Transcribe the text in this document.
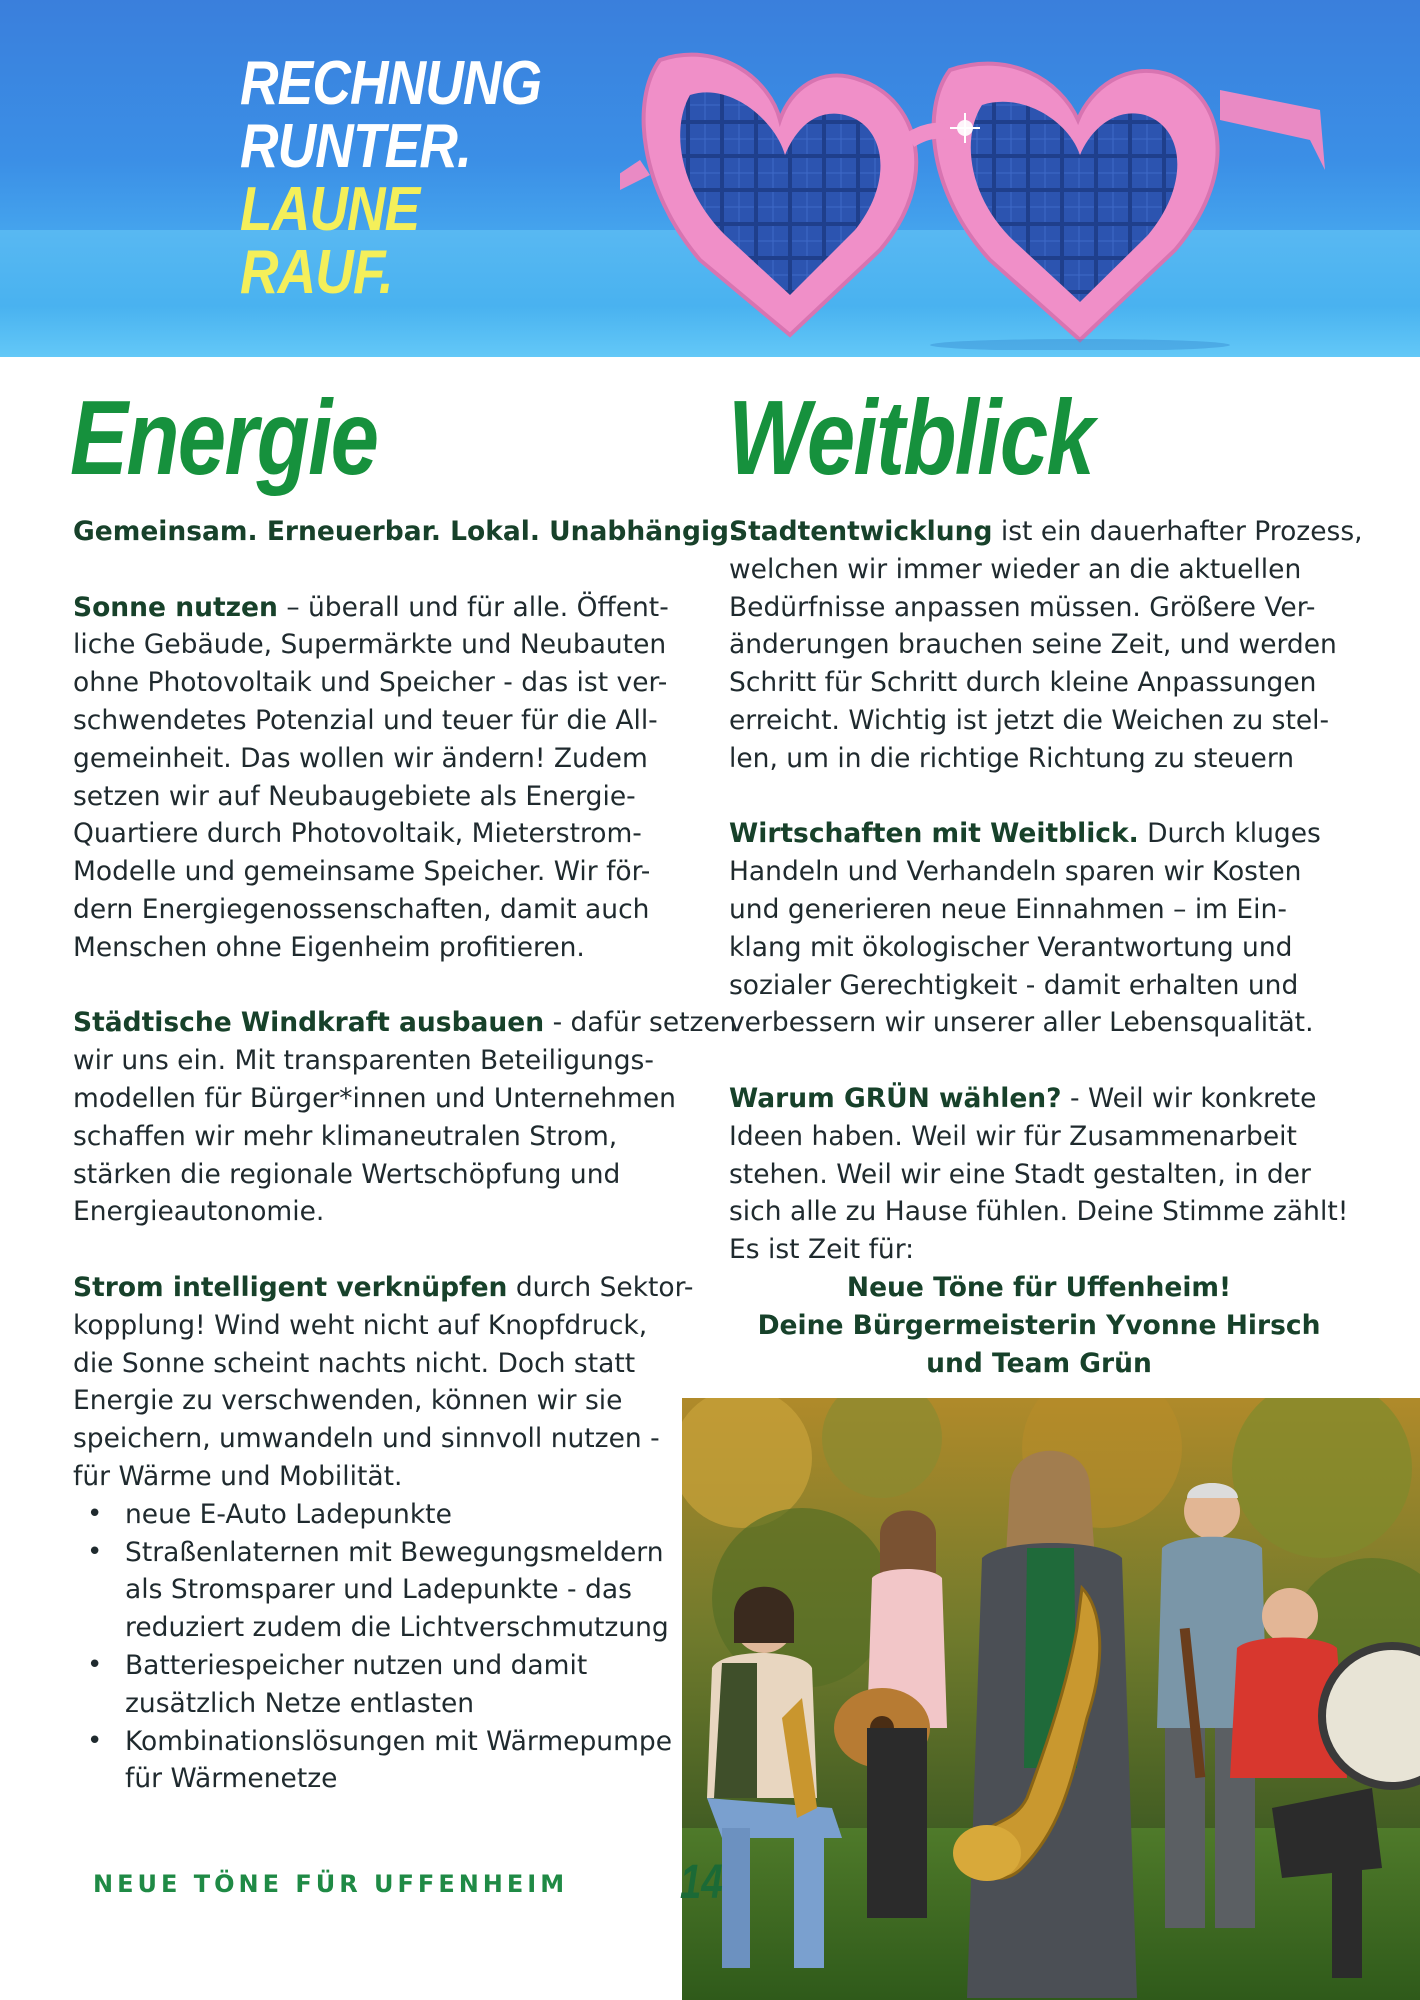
RECHNUNG
RUNTER.
LAUNE
RAUF.
Energie	Weitblick
Gemeinsam. Erneuerbar. Lokal. Unabhängig.
Sonne nutzen – überall und für alle. Öffent-
liche Gebäude, Supermärkte und Neubauten
ohne Photovoltaik und Speicher - das ist ver-
schwendetes Potenzial und teuer für die All-
gemeinheit. Das wollen wir ändern! Zudem
setzen wir auf Neubaugebiete als Energie-
Quartiere durch Photovoltaik, Mieterstrom-
Modelle und gemeinsame Speicher. Wir för-
dern Energiegenossenschaften, damit auch
Menschen ohne Eigenheim profitieren.
Städtische Windkraft ausbauen - dafür setzen
wir uns ein. Mit transparenten Beteiligungs-
modellen für Bürger*innen und Unternehmen
schaffen wir mehr klimaneutralen Strom,
stärken die regionale Wertschöpfung und
Energieautonomie.
Strom intelligent verknüpfen durch Sektor-
kopplung! Wind weht nicht auf Knopfdruck,
die Sonne scheint nachts nicht. Doch statt
Energie zu verschwenden, können wir sie
speichern, umwandeln und sinnvoll nutzen -
für Wärme und Mobilität.
• neue E-Auto Ladepunkte
• Straßenlaternen mit Bewegungsmeldern
als Stromsparer und Ladepunkte - das
reduziert zudem die Lichtverschmutzung
• Batteriespeicher nutzen und damit
zusätzlich Netze entlasten
• Kombinationslösungen mit Wärmepumpe
für Wärmenetze
Stadtentwicklung ist ein dauerhafter Prozess,
welchen wir immer wieder an die aktuellen
Bedürfnisse anpassen müssen. Größere Ver-
änderungen brauchen seine Zeit, und werden
Schritt für Schritt durch kleine Anpassungen
erreicht. Wichtig ist jetzt die Weichen zu stel-
len, um in die richtige Richtung zu steuern
Wirtschaften mit Weitblick. Durch kluges
Handeln und Verhandeln sparen wir Kosten
und generieren neue Einnahmen – im Ein-
klang mit ökologischer Verantwortung und
sozialer Gerechtigkeit - damit erhalten und
verbessern wir unserer aller Lebensqualität.
Warum GRÜN wählen? - Weil wir konkrete
Ideen haben. Weil wir für Zusammenarbeit
stehen. Weil wir eine Stadt gestalten, in der
sich alle zu Hause fühlen. Deine Stimme zählt!
Es ist Zeit für:
Neue Töne für Uffenheim!
Deine Bürgermeisterin Yvonne Hirsch
und Team Grün
NEUE TÖNE FÜR UFFENHEIM 14
